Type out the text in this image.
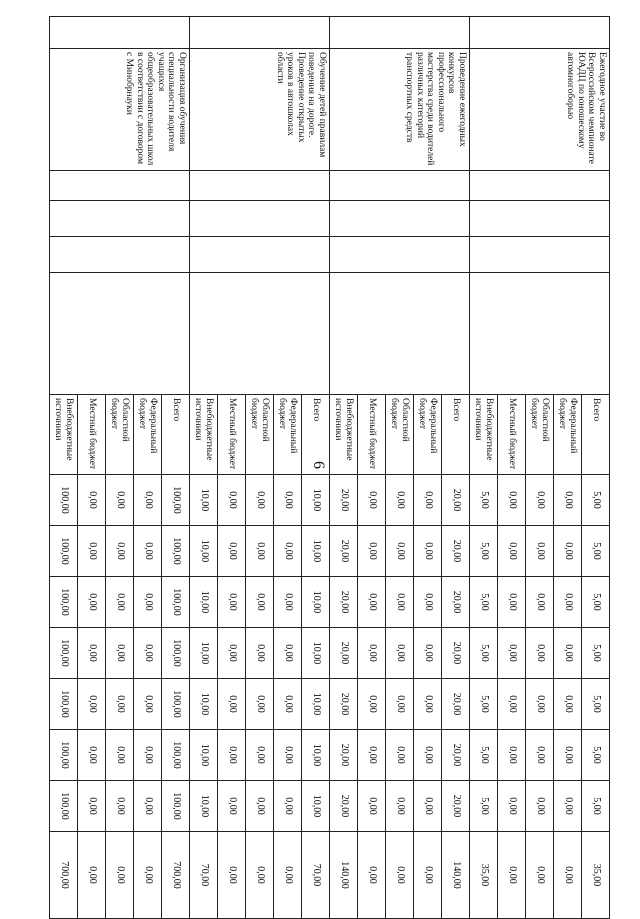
6
	Ежегодное участие во Всероссийском чемпионате ЮАДЦ по юношескому автомногоборью					Всего	5,00	5,00	5,00	5,00	5,00	5,00	5,00	35,00
						Федеральный бюджет	0,00	0,00	0,00	0,00	0,00	0,00	0,00	0,00
						Областной бюджет	0,00	0,00	0,00	0,00	0,00	0,00	0,00	0,00
						Местный бюджет	0,00	0,00	0,00	0,00	0,00	0,00	0,00	0,00
						Внебюджетные источники	5,00	5,00	5,00	5,00	5,00	5,00	5,00	35,00
	Проведение ежегодных конкурсов профессионального мастерства среди водителей различных категорий транспортных средств					Всего	20,00	20,00	20,00	20,00	20,00	20,00	20,00	140,00
						Федеральный бюджет	0,00	0,00	0,00	0,00	0,00	0,00	0,00	0,00
						Областной бюджет	0,00	0,00	0,00	0,00	0,00	0,00	0,00	0,00
						Местный бюджет	0,00	0,00	0,00	0,00	0,00	0,00	0,00	0,00
						Внебюджетные источники	20,00	20,00	20,00	20,00	20,00	20,00	20,00	140,00
	Обучение детей правилам поведения на дороге. Проведение открытых уроков в автошколах области					Всего	10,00	10,00	10,00	10,00	10,00	10,00	10,00	70,00
						Федеральный бюджет	0,00	0,00	0,00	0,00	0,00	0,00	0,00	0,00
						Областной бюджет	0,00	0,00	0,00	0,00	0,00	0,00	0,00	0,00
						Местный бюджет	0,00	0,00	0,00	0,00	0,00	0,00	0,00	0,00
						Внебюджетные источники	10,00	10,00	10,00	10,00	10,00	10,00	10,00	70,00
	Организация обучения специальности водителя учащихся общеобразовательных школ в соответствии с договором с Минобрнауки					Всего	100,00	100,00	100,00	100,00	100,00	100,00	100,00	700,00
						Федеральный бюджет	0,00	0,00	0,00	0,00	0,00	0,00	0,00	0,00
						Областной бюджет	0,00	0,00	0,00	0,00	0,00	0,00	0,00	0,00
						Местный бюджет	0,00	0,00	0,00	0,00	0,00	0,00	0,00	0,00
						Внебюджетные источники	100,00	100,00	100,00	100,00	100,00	100,00	100,00	700,00
